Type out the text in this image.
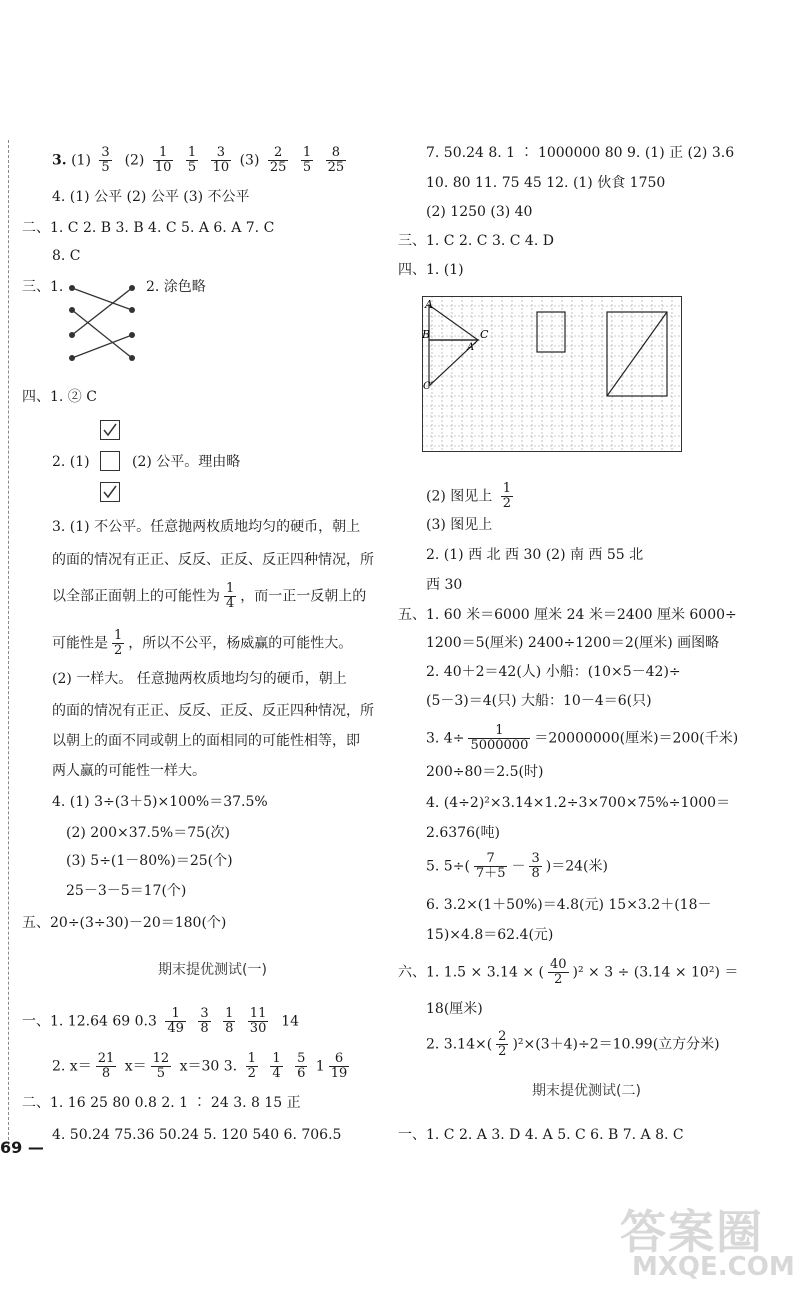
3. $(1) \frac{3}{5} (2) \frac{1}{10}$
$\frac{1}{5}$
$\frac{3}{10} (3) \frac{2}{25}$
$\frac{1}{5}$
$\frac{8}{25}$
4. (1) 公平 (2) 公平 (3) 不公平
二、1. C 2. B 3. B 4. C 5. A 6. A 7. C
8. C
三、1.	2. 涂色略
四、1. ② C
2. (1)	(2) 公平。理由略
3. (1) 不公平。任意抛两枚质地均匀的硬币，朝上
的面的情况有正正、反反、正反、反正四种情况，所
以全部正面朝上的可能性为 $\frac{1}{4}$ ，而一正一反朝上的
可能性是 $\frac{1}{2}$ ，所以不公平，杨威赢的可能性大。
(2) 一样大。 任意抛两枚质地均匀的硬币，朝上
的面的情况有正正、反反、正反、反正四种情况，所
以朝上的面不同或朝上的面相同的可能性相等，即
两人赢的可能性一样大。
4. (1) 3÷(3＋5)×100%＝37.5%
(2) 200×37.5%＝75(次)
(3) 5÷(1－80%)＝25(个)
25－3－5＝17(个)
五、20÷(3÷30)－20＝180(个)
期末提优测试(一)
一、1. 12.64 69 $0.3 \frac{1}{49}$
$\frac{3}{8}$
$\frac{1}{8}$
$\frac{11}{30} 14$
2. $x= \frac{21}{8} x= \frac{12}{5} x=30$ 3. $\frac{1}{2}$
$\frac{1}{4}$
$\frac{5}{6} 1 \frac{6}{19}$
二、1. 16 25 80 0.8 2. 1 ∶ 24 3. 8 15 正
4. 50.24 75.36 50.24 5. 120 540 6. 706.5
69 —
7. 50.24 8. 1 ∶ 1000000 80 9. (1) 正 (2) 3.6
10. 80 11. 75 45 12. (1) 伙食 1750
(2) 1250 (3) 40
三、1. C 2. C 3. C 4. D
四、1. (1)
A
B	C
A′
C′
(2) 图见上 $\frac{1}{2}$
(3) 图见上
2. (1) 西 北 西 30 (2) 南 西 55 北
西 30
五、1. 60 米＝6000 厘米 24 米＝2400 厘米 6000÷
1200＝5(厘米) 2400÷1200＝2(厘米) 画图略
2. 40＋2＝42(人) 小船：(10×5－42)÷
(5－3)＝4(只) 大船：10－4＝6(只)
3. $4\div \frac{1}{5000000} =20000000$(厘米)＝200(千米)
200÷80＝2.5(时)
4. (4÷2)²×3.14×1.2÷3×700×75%÷1000＝
2.6376(吨)
5. $5\div( \frac{7}{7+5} - \frac{3}{8} )=24$(米)
6. 3.2×(1＋50%)＝4.8(元) 15×3.2＋(18－
15)×4.8＝62.4(元)
六、1. 1.5 × 3.14 × ( $\frac{40}{2} )^2 \times 3 \div (3.14 \times 10^2)$ ＝
18(厘米)
2. $3.14\times( \frac{2}{2} )^2\times(3+4)\div 2=10.99$(立方分米)
期末提优测试(二)
一、1. C 2. A 3. D 4. A 5. C 6. B 7. A 8. C
答案圈
MXQE.COM
